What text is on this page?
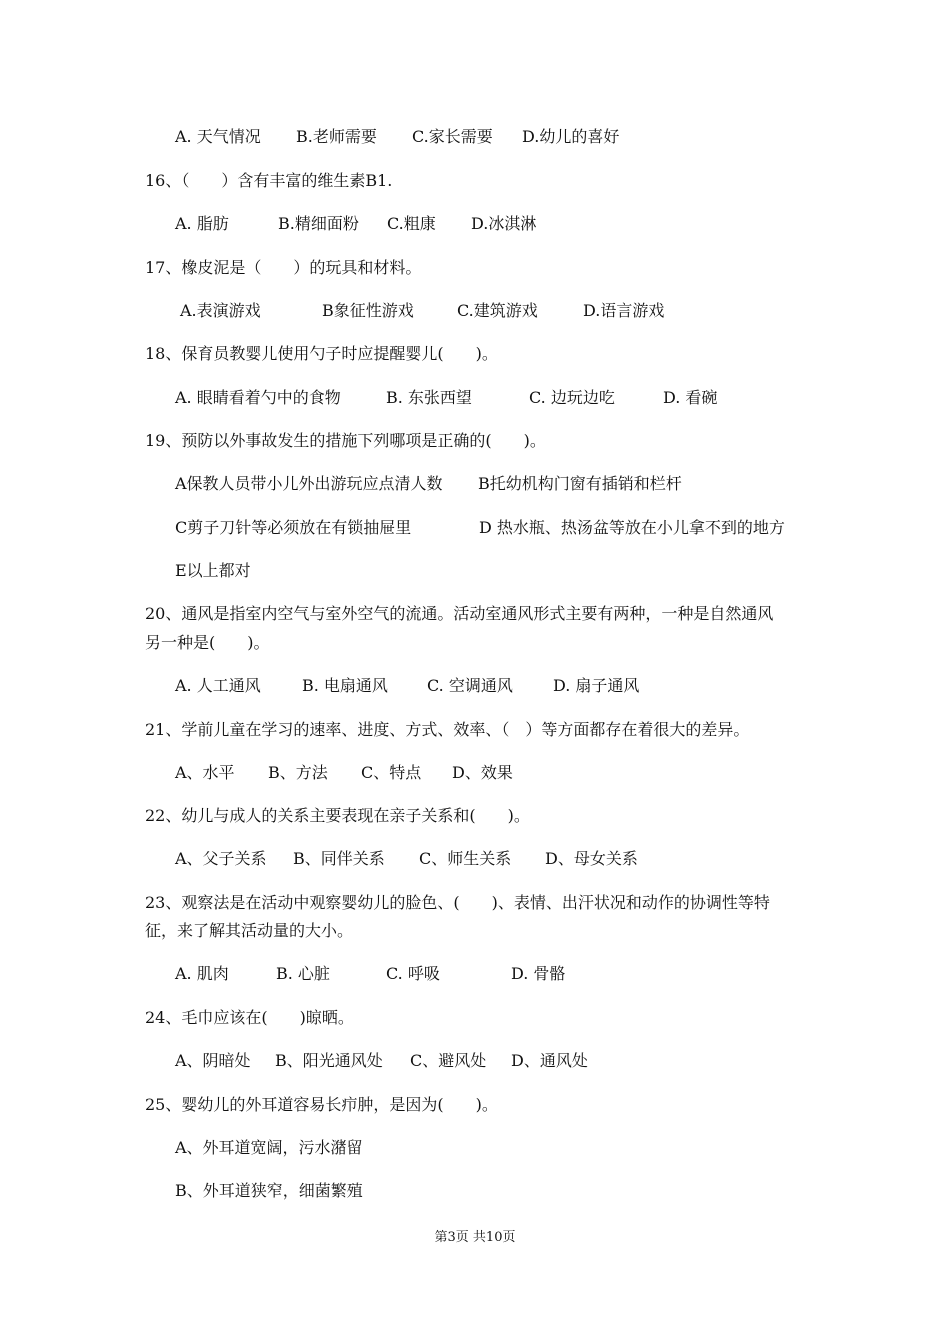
A. 天气情况 B.老师需要 C.家长需要 D.幼儿的喜好
16、（　　）含有丰富的维生素B1.
A. 脂肪	B.精细面粉 C.粗康 D.冰淇淋
17、橡皮泥是（　　）的玩具和材料。
A.表演游戏	B象征性游戏	C.建筑游戏	D.语言游戏
18、保育员教婴儿使用勺子时应提醒婴儿(　　)。
A. 眼睛看着勺中的食物	B. 东张西望	C. 边玩边吃	D. 看碗
19、预防以外事故发生的措施下列哪项是正确的(　　)。
A保教人员带小儿外出游玩应点清人数 B托幼机构门窗有插销和栏杆
C剪子刀针等必须放在有锁抽屉里	D 热水瓶、热汤盆等放在小儿拿不到的地方
E以上都对
20、通风是指室内空气与室外空气的流通。活动室通风形式主要有两种，一种是自然通风
另一种是(　　)。
A. 人工通风	B. 电扇通风 C. 空调通风	D. 扇子通风
21、学前儿童在学习的速率、进度、方式、效率、（　）等方面都存在着很大的差异。
A、水平 B、方法 C、特点 D、效果
22、幼儿与成人的关系主要表现在亲子关系和(　　)。
A、父子关系 B、同伴关系 C、师生关系 D、母女关系
23、观察法是在活动中观察婴幼儿的脸色、(　　)、表情、出汗状况和动作的协调性等特
征，来了解其活动量的大小。
A. 肌肉	B. 心脏	C. 呼吸	D. 骨骼
24、毛巾应该在(　　)晾晒。
A、阴暗处 B、阳光通风处 C、避风处 D、通风处
25、婴幼儿的外耳道容易长疖肿，是因为(　　)。
A、外耳道宽阔，污水潴留
B、外耳道狭窄，细菌繁殖
第3页 共10页
